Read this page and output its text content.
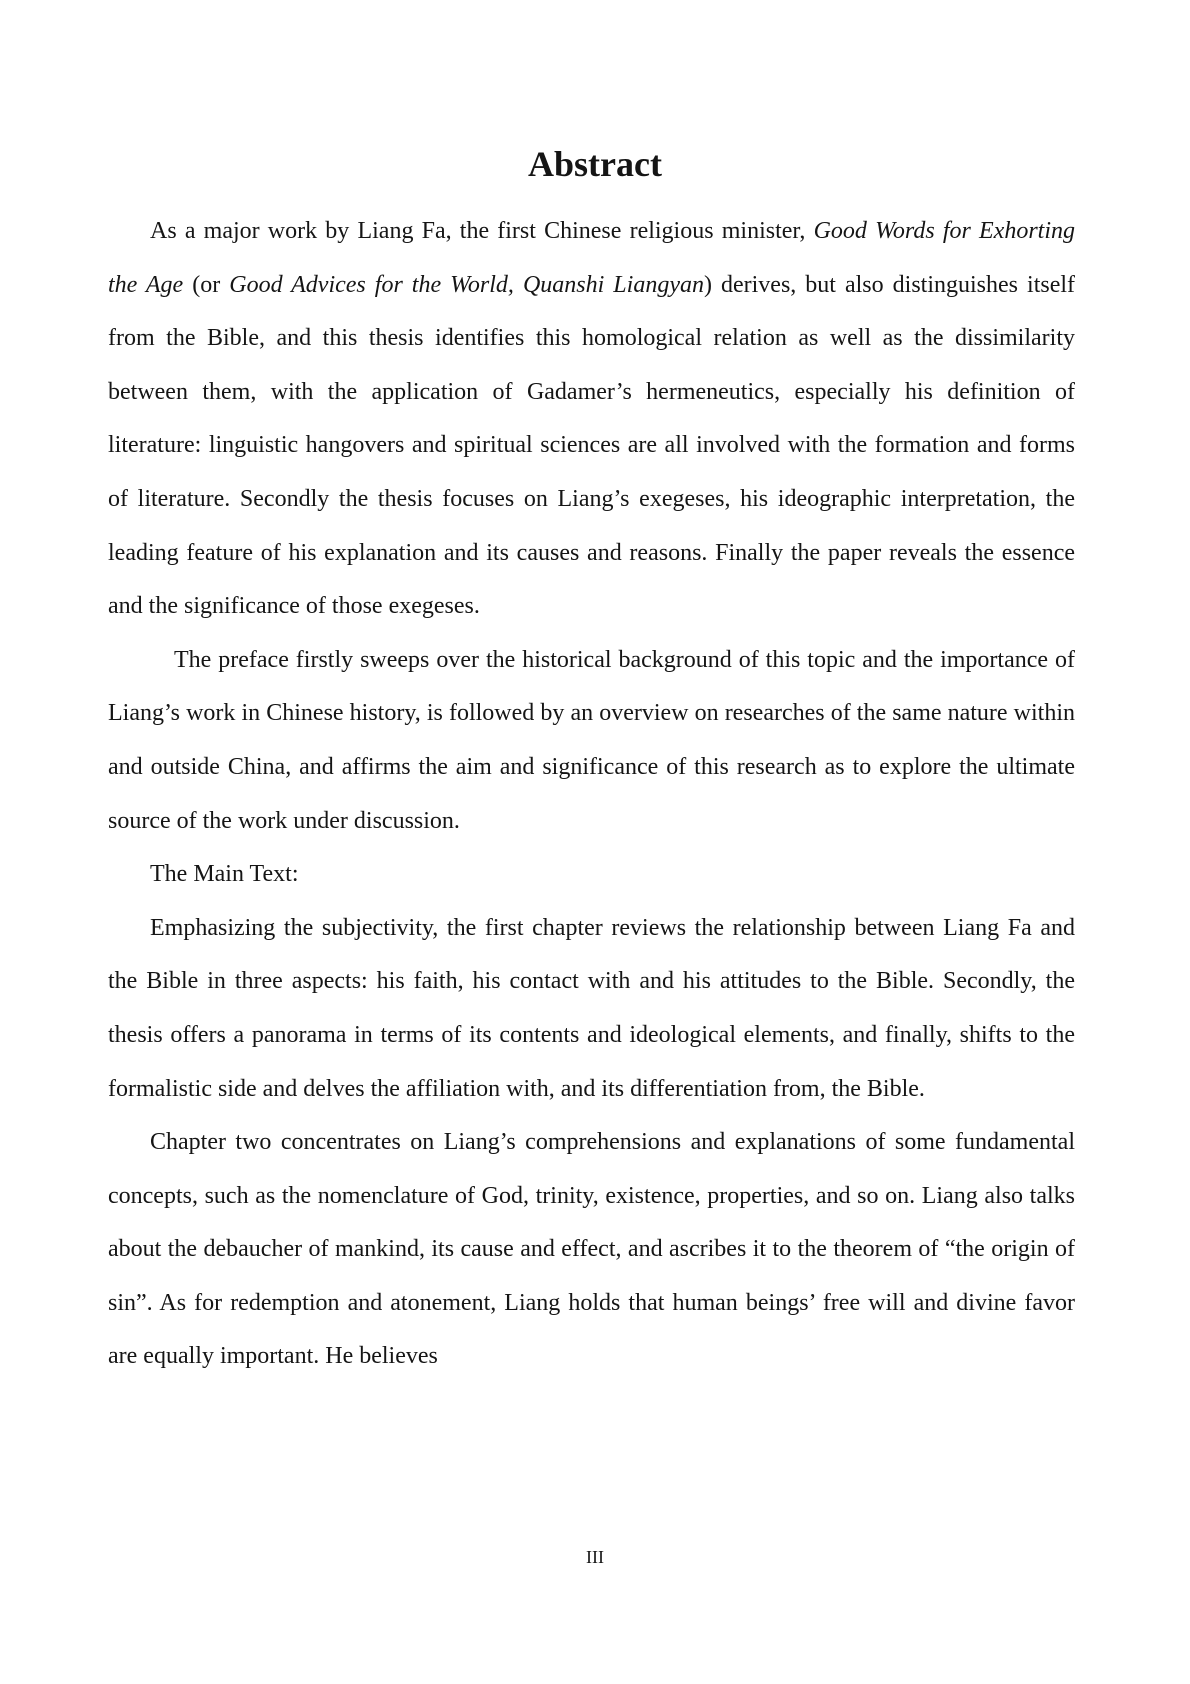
Abstract

As a major work by Liang Fa, the first Chinese religious minister, Good Words for Exhorting the Age (or Good Advices for the World, Quanshi Liangyan) derives, but also distinguishes itself from the Bible, and this thesis identifies this homological relation as well as the dissimilarity between them, with the application of Gadamer’s hermeneutics, especially his definition of literature: linguistic hangovers and spiritual sciences are all involved with the formation and forms of literature. Secondly the thesis focuses on Liang’s exegeses, his ideographic interpretation, the leading feature of his explanation and its causes and reasons. Finally the paper reveals the essence and the significance of those exegeses.

The preface firstly sweeps over the historical background of this topic and the importance of Liang’s work in Chinese history, is followed by an overview on researches of the same nature within and outside China, and affirms the aim and significance of this research as to explore the ultimate source of the work under discussion.

The Main Text:

Emphasizing the subjectivity, the first chapter reviews the relationship between Liang Fa and the Bible in three aspects: his faith, his contact with and his attitudes to the Bible. Secondly, the thesis offers a panorama in terms of its contents and ideological elements, and finally, shifts to the formalistic side and delves the affiliation with, and its differentiation from, the Bible.

Chapter two concentrates on Liang’s comprehensions and explanations of some fundamental concepts, such as the nomenclature of God, trinity, existence, properties, and so on. Liang also talks about the debaucher of mankind, its cause and effect, and ascribes it to the theorem of “the origin of sin”. As for redemption and atonement, Liang holds that human beings’ free will and divine favor are equally important. He believes

III
